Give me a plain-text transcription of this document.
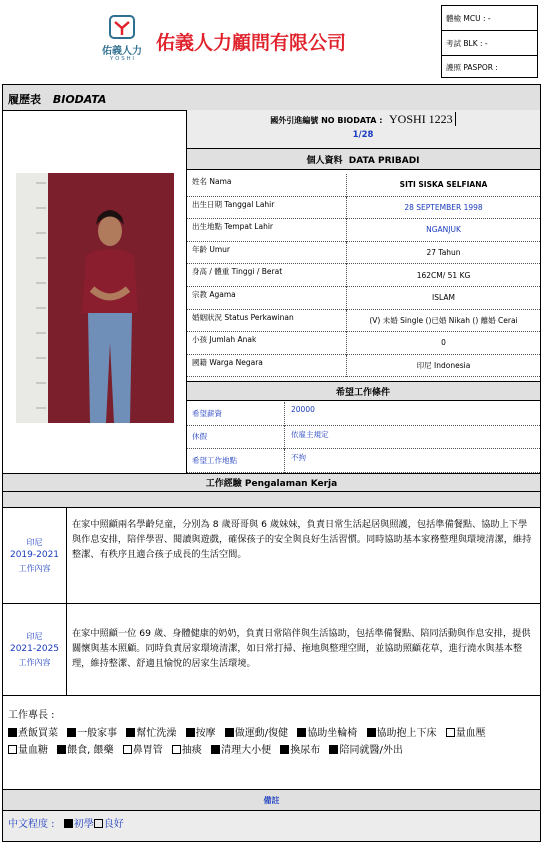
佑義人力
Y O S H I
佑義人力顧問有限公司
體檢 MCU : -
考試 BLK : -
護照 PASPOR :
履歷表 BIODATA
國外引進編號 NO BIODATA : YOSHI 1223
1/28
個人資料  DATA PRIBADI
姓名 Nama	SITI SISKA SELFIANA
出生日期 Tanggal Lahir	28 SEPTEMBER 1998
出生地點 Tempat Lahir	NGANJUK
年齡 Umur	27 Tahun
身高 / 體重 Tinggi / Berat	162CM/ 51 KG
宗教 Agama	ISLAM
婚姻狀況 Status Perkawinan	(V) 未婚 Single ()已婚 Nikah () 離婚 Cerai
小孩 Jumlah Anak	0
國籍 Warga Negara	印尼 Indonesia
希望工作條件
希望薪資	20000
休假	依雇主規定
希望工作地點	不拘
工作經驗 Pengalaman Kerja
印尼
2019-2021
工作內容
在家中照顧兩名學齡兒童，分別為 8 歲哥哥與 6 歲妹妹，負責日常生活起居與照護，包括準備餐點、協助上下學與作息安排，陪伴學習、閱讀與遊戲，確保孩子的安全與良好生活習慣。同時協助基本家務整理與環境清潔，維持整潔、有秩序且適合孩子成長的生活空間。
印尼
2021-2025
工作內容
在家中照顧一位 69 歲、身體健康的奶奶，負責日常陪伴與生活協助，包括準備餐點、陪同活動與作息安排，提供關懷與基本照顧。同時負責居家環境清潔，如日常打掃、拖地與整理空間，並協助照顧花草，進行澆水與基本整理，維持整潔、舒適且愉悅的居家生活環境。
工作專長 :
煮飯買菜 一般家事 幫忙洗澡 按摩 做運動/復健 協助坐輪椅 協助抱上下床 量血壓 量血糖 餵食, 餵藥 鼻胃管 抽痰 清理大小便 換尿布 陪同就醫/外出
備註
中文程度 : 初學 良好
